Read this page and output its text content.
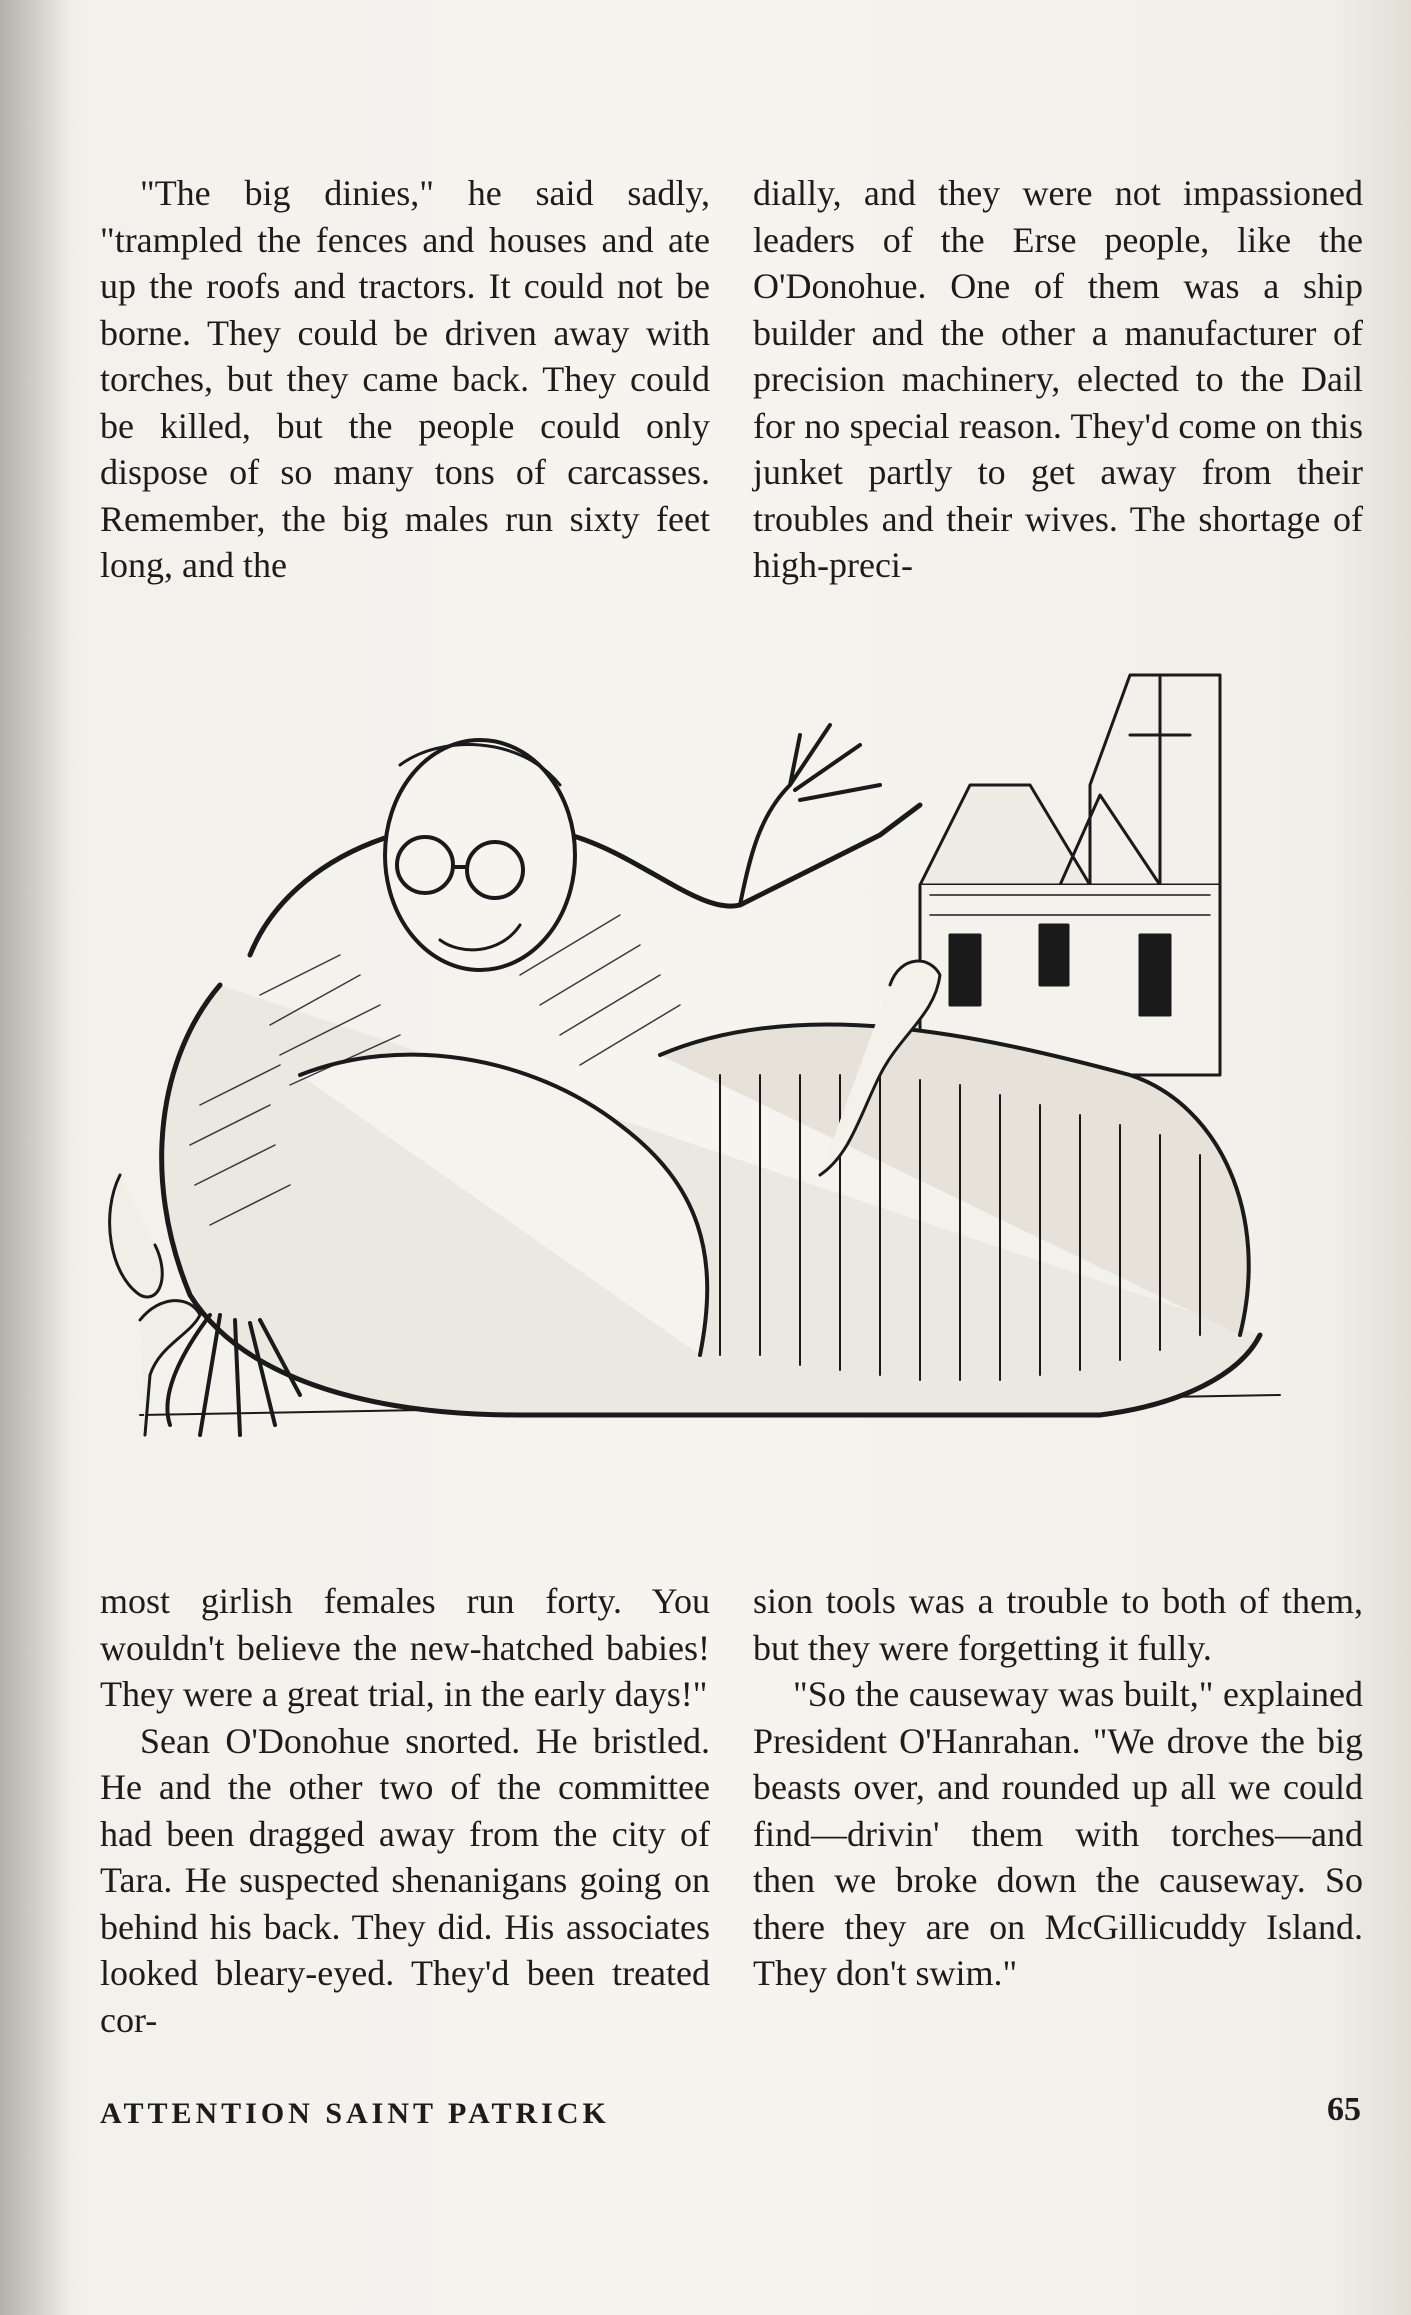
"The big dinies," he said sadly, "trampled the fences and houses and ate up the roofs and tractors. It could not be borne. They could be driven away with torches, but they came back. They could be killed, but the people could only dispose of so many tons of carcasses. Remember, the big males run sixty feet long, and the

dially, and they were not impassioned leaders of the Erse people, like the O'Donohue. One of them was a ship builder and the other a manufacturer of precision machinery, elected to the Dail for no special reason. They'd come on this junket partly to get away from their troubles and their wives. The shortage of high-preci-

most girlish females run forty. You wouldn't believe the new-hatched babies! They were a great trial, in the early days!"

Sean O'Donohue snorted. He bristled. He and the other two of the committee had been dragged away from the city of Tara. He suspected shenanigans going on behind his back. They did. His associates looked bleary-eyed. They'd been treated cor-

sion tools was a trouble to both of them, but they were forgetting it fully.

"So the causeway was built," explained President O'Hanrahan. "We drove the big beasts over, and rounded up all we could find—drivin' them with torches—and then we broke down the causeway. So there they are on McGillicuddy Island. They don't swim."

ATTENTION SAINT PATRICK	65
